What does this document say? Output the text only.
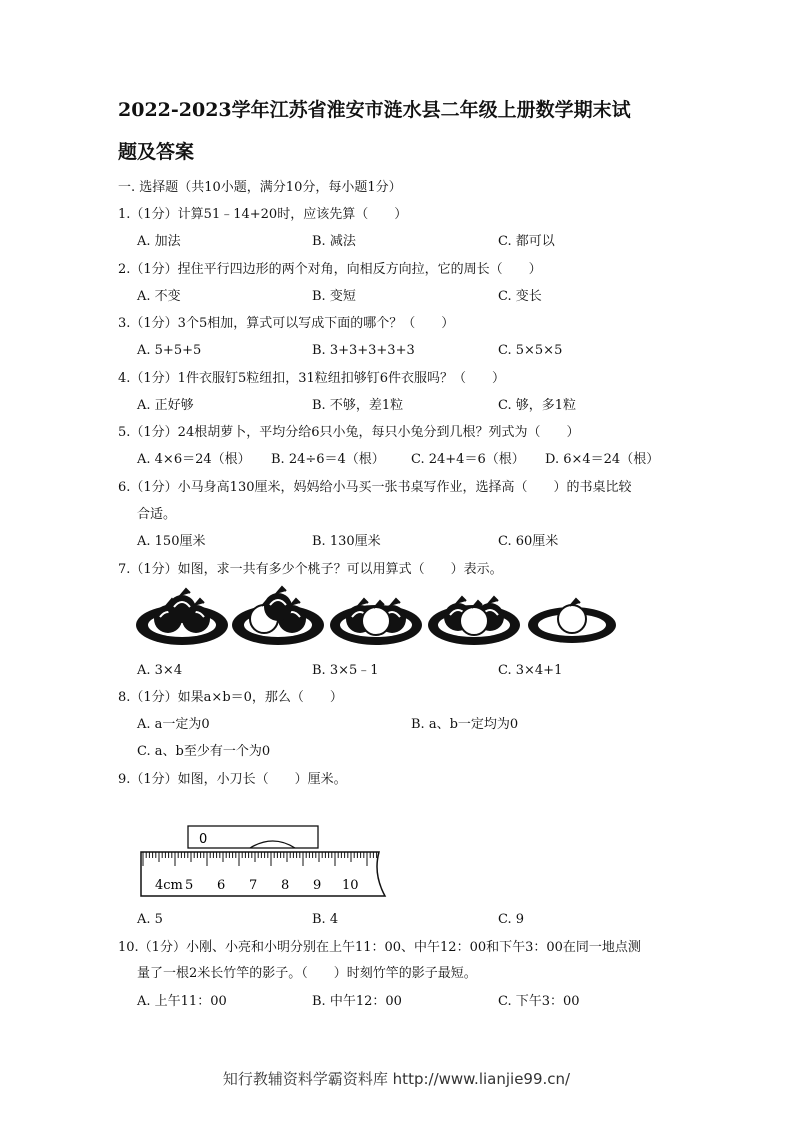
2022-2023学年江苏省淮安市涟水县二年级上册数学期末试
题及答案
一. 选择题（共10小题，满分10分，每小题1分）
1.（1分）计算51﹣14+20时，应该先算（　　）
A. 加法	B. 减法	C. 都可以
2.（1分）捏住平行四边形的两个对角，向相反方向拉，它的周长（　　）
A. 不变	B. 变短	C. 变长
3.（1分）3个5相加，算式可以写成下面的哪个？（　　）
A. 5+5+5	B. 3+3+3+3+3	C. 5×5×5
4.（1分）1件衣服钉5粒纽扣，31粒纽扣够钉6件衣服吗？（　　）
A. 正好够	B. 不够，差1粒	C. 够，多1粒
5.（1分）24根胡萝卜，平均分给6只小兔，每只小兔分到几根？列式为（　　）
A. 4×6＝24（根） B. 24÷6＝4（根） C. 24+4＝6（根） D. 6×4＝24（根）
6.（1分）小马身高130厘米，妈妈给小马买一张书桌写作业，选择高（　　）的书桌比较
合适。
A. 150厘米	B. 130厘米	C. 60厘米
7.（1分）如图，求一共有多少个桃子？可以用算式（　　）表示。
A. 3×4	B. 3×5﹣1	C. 3×4+1
8.（1分）如果a×b＝0，那么（　　）
A. a一定为0	B. a、b一定均为0
C. a、b至少有一个为0
9.（1分）如图，小刀长（　　）厘米。
0
4cm 5 6 7 8 9 10
A. 5	B. 4	C. 9
10.（1分）小刚、小亮和小明分别在上午11：00、中午12：00和下午3：00在同一地点测
量了一根2米长竹竿的影子。（　　）时刻竹竿的影子最短。
A. 上午11：00	B. 中午12：00	C. 下午3：00
知行教辅资料学霸资料库 http://www.lianjie99.cn/
